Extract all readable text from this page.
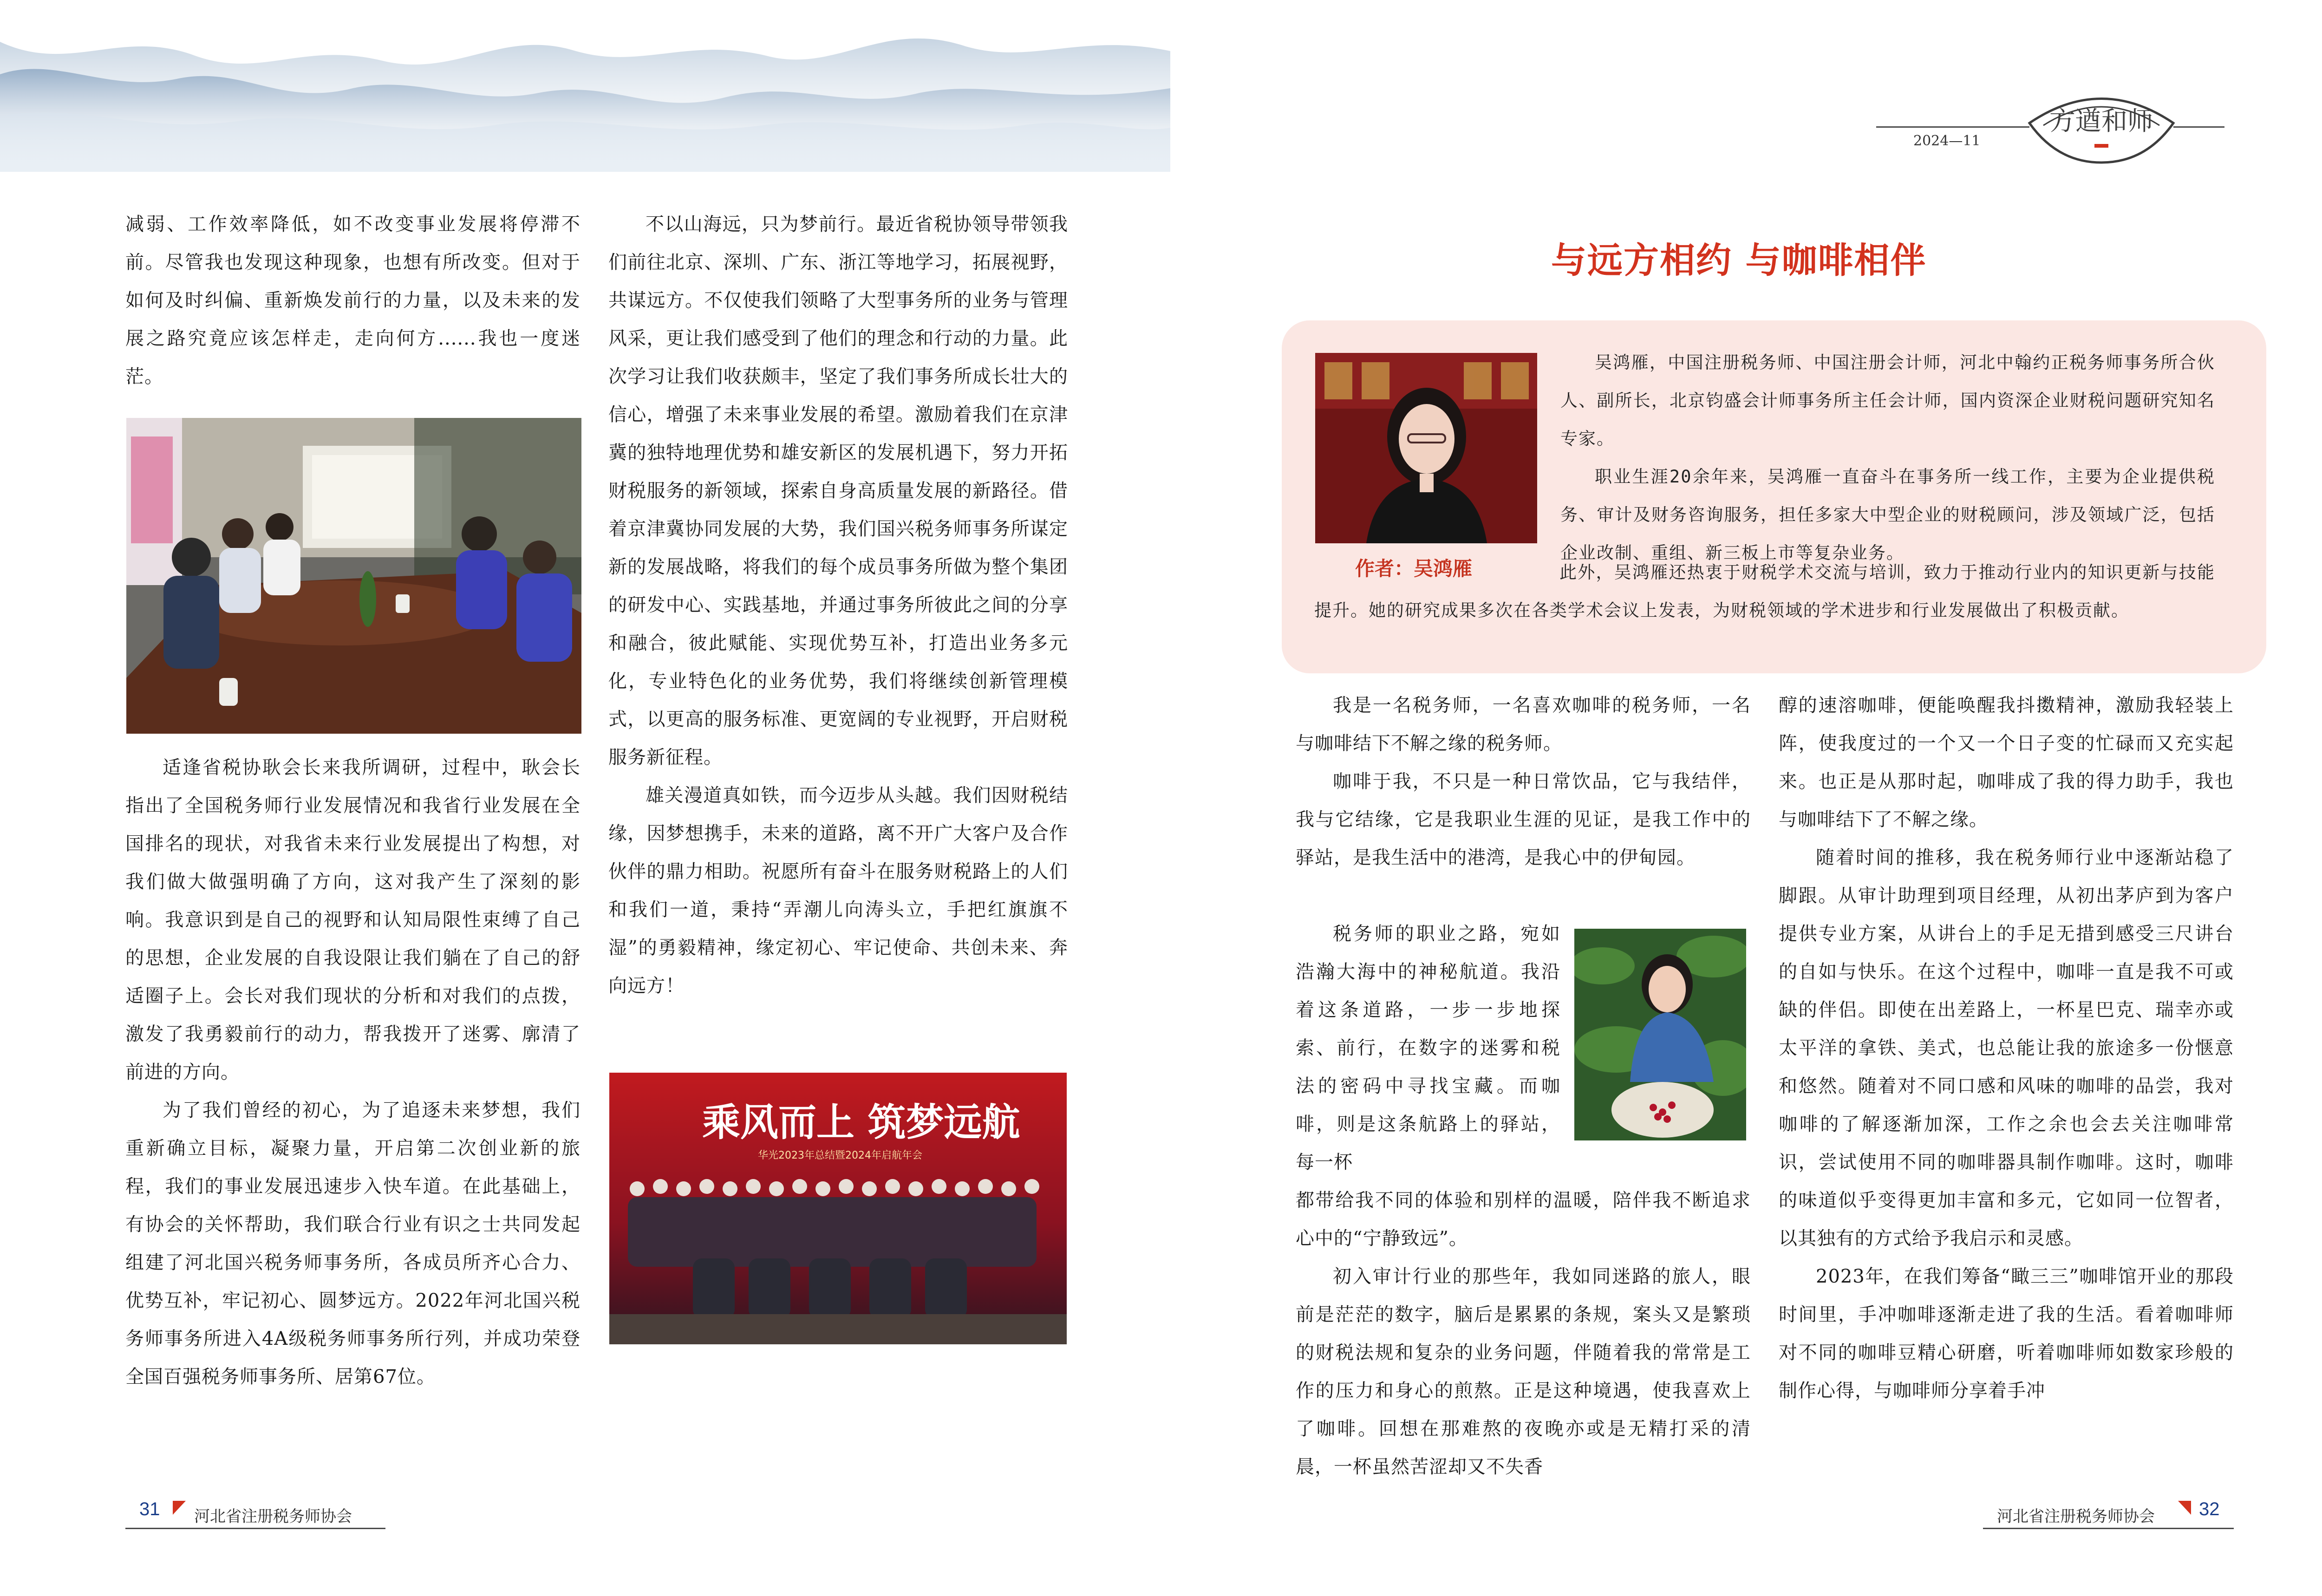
减弱、工作效率降低，如不改变事业发展将停滞不前。尽管我也发现这种现象，也想有所改变。但对于如何及时纠偏、重新焕发前行的力量，以及未来的发展之路究竟应该怎样走，走向何方......我也一度迷茫。

适逢省税协耿会长来我所调研，过程中，耿会长指出了全国税务师行业发展情况和我省行业发展在全国排名的现状，对我省未来行业发展提出了构想，对我们做大做强明确了方向，这对我产生了深刻的影响。我意识到是自己的视野和认知局限性束缚了自己的思想，企业发展的自我设限让我们躺在了自己的舒适圈子上。会长对我们现状的分析和对我们的点拨，激发了我勇毅前行的动力，帮我拨开了迷雾、廓清了前进的方向。

为了我们曾经的初心，为了追逐未来梦想，我们重新确立目标，凝聚力量，开启第二次创业新的旅程，我们的事业发展迅速步入快车道。在此基础上，有协会的关怀帮助，我们联合行业有识之士共同发起组建了河北国兴税务师事务所，各成员所齐心合力、优势互补，牢记初心、圆梦远方。2022年河北国兴税务师事务所进入4A级税务师事务所行列，并成功荣登全国百强税务师事务所、居第67位。

不以山海远，只为梦前行。最近省税协领导带领我们前往北京、深圳、广东、浙江等地学习，拓展视野，共谋远方。不仅使我们领略了大型事务所的业务与管理风采，更让我们感受到了他们的理念和行动的力量。此次学习让我们收获颇丰，坚定了我们事务所成长壮大的信心，增强了未来事业发展的希望。激励着我们在京津冀的独特地理优势和雄安新区的发展机遇下，努力开拓财税服务的新领域，探索自身高质量发展的新路径。借着京津冀协同发展的大势，我们国兴税务师事务所谋定新的发展战略，将我们的每个成员事务所做为整个集团的研发中心、实践基地，并通过事务所彼此之间的分享和融合，彼此赋能、实现优势互补，打造出业务多元化，专业特色化的业务优势，我们将继续创新管理模式，以更高的服务标准、更宽阔的专业视野，开启财税服务新征程。

雄关漫道真如铁，而今迈步从头越。我们因财税结缘，因梦想携手，未来的道路，离不开广大客户及合作伙伴的鼎力相助。祝愿所有奋斗在服务财税路上的人们和我们一道，秉持“弄潮儿向涛头立，手把红旗旗不湿”的勇毅精神，缘定初心、牢记使命、共创未来、奔向远方！

乘风而上 筑梦远航
华光2023年总结暨2024年启航年会
31 河北省注册税务师协会
方遒和师
2024—11
与远方相约 与咖啡相伴
作者：吴鸿雁

吴鸿雁，中国注册税务师、中国注册会计师，河北中翰约正税务师事务所合伙人、副所长，北京钧盛会计师事务所主任会计师，国内资深企业财税问题研究知名专家。

职业生涯20余年来，吴鸿雁一直奋斗在事务所一线工作，主要为企业提供税务、审计及财务咨询服务，担任多家大中型企业的财税顾问，涉及领域广泛，包括企业改制、重组、新三板上市等复杂业务。

此外，吴鸿雁还热衷于财税学术交流与培训，致力于推动行业内的知识更新与技能提升。她的研究成果多次在各类学术会议上发表，为财税领域的学术进步和行业发展做出了积极贡献。

我是一名税务师，一名喜欢咖啡的税务师，一名与咖啡结下不解之缘的税务师。

咖啡于我，不只是一种日常饮品，它与我结伴，我与它结缘，它是我职业生涯的见证，是我工作中的驿站，是我生活中的港湾，是我心中的伊甸园。

税务师的职业之路，宛如浩瀚大海中的神秘航道。我沿着这条道路，一步一步地探索、前行，在数字的迷雾和税法的密码中寻找宝藏。而咖啡，则是这条航路上的驿站，每一杯

都带给我不同的体验和别样的温暖，陪伴我不断追求心中的“宁静致远”。

初入审计行业的那些年，我如同迷路的旅人，眼前是茫茫的数字，脑后是累累的条规，案头又是繁琐的财税法规和复杂的业务问题，伴随着我的常常是工作的压力和身心的煎熬。正是这种境遇，使我喜欢上了咖啡。回想在那难熬的夜晚亦或是无精打采的清晨，一杯虽然苦涩却又不失香

醇的速溶咖啡，便能唤醒我抖擞精神，激励我轻装上阵，使我度过的一个又一个日子变的忙碌而又充实起来。也正是从那时起，咖啡成了我的得力助手，我也与咖啡结下了不解之缘。

随着时间的推移，我在税务师行业中逐渐站稳了脚跟。从审计助理到项目经理，从初出茅庐到为客户提供专业方案，从讲台上的手足无措到感受三尺讲台的自如与快乐。在这个过程中，咖啡一直是我不可或缺的伴侣。即使在出差路上，一杯星巴克、瑞幸亦或太平洋的拿铁、美式，也总能让我的旅途多一份惬意和悠然。随着对不同口感和风味的咖啡的品尝，我对咖啡的了解逐渐加深，工作之余也会去关注咖啡常识，尝试使用不同的咖啡器具制作咖啡。这时，咖啡的味道似乎变得更加丰富和多元，它如同一位智者，以其独有的方式给予我启示和灵感。

2023年，在我们筹备“瞰三三”咖啡馆开业的那段时间里，手冲咖啡逐渐走进了我的生活。看着咖啡师对不同的咖啡豆精心研磨，听着咖啡师如数家珍般的制作心得，与咖啡师分享着手冲

河北省注册税务师协会 32
